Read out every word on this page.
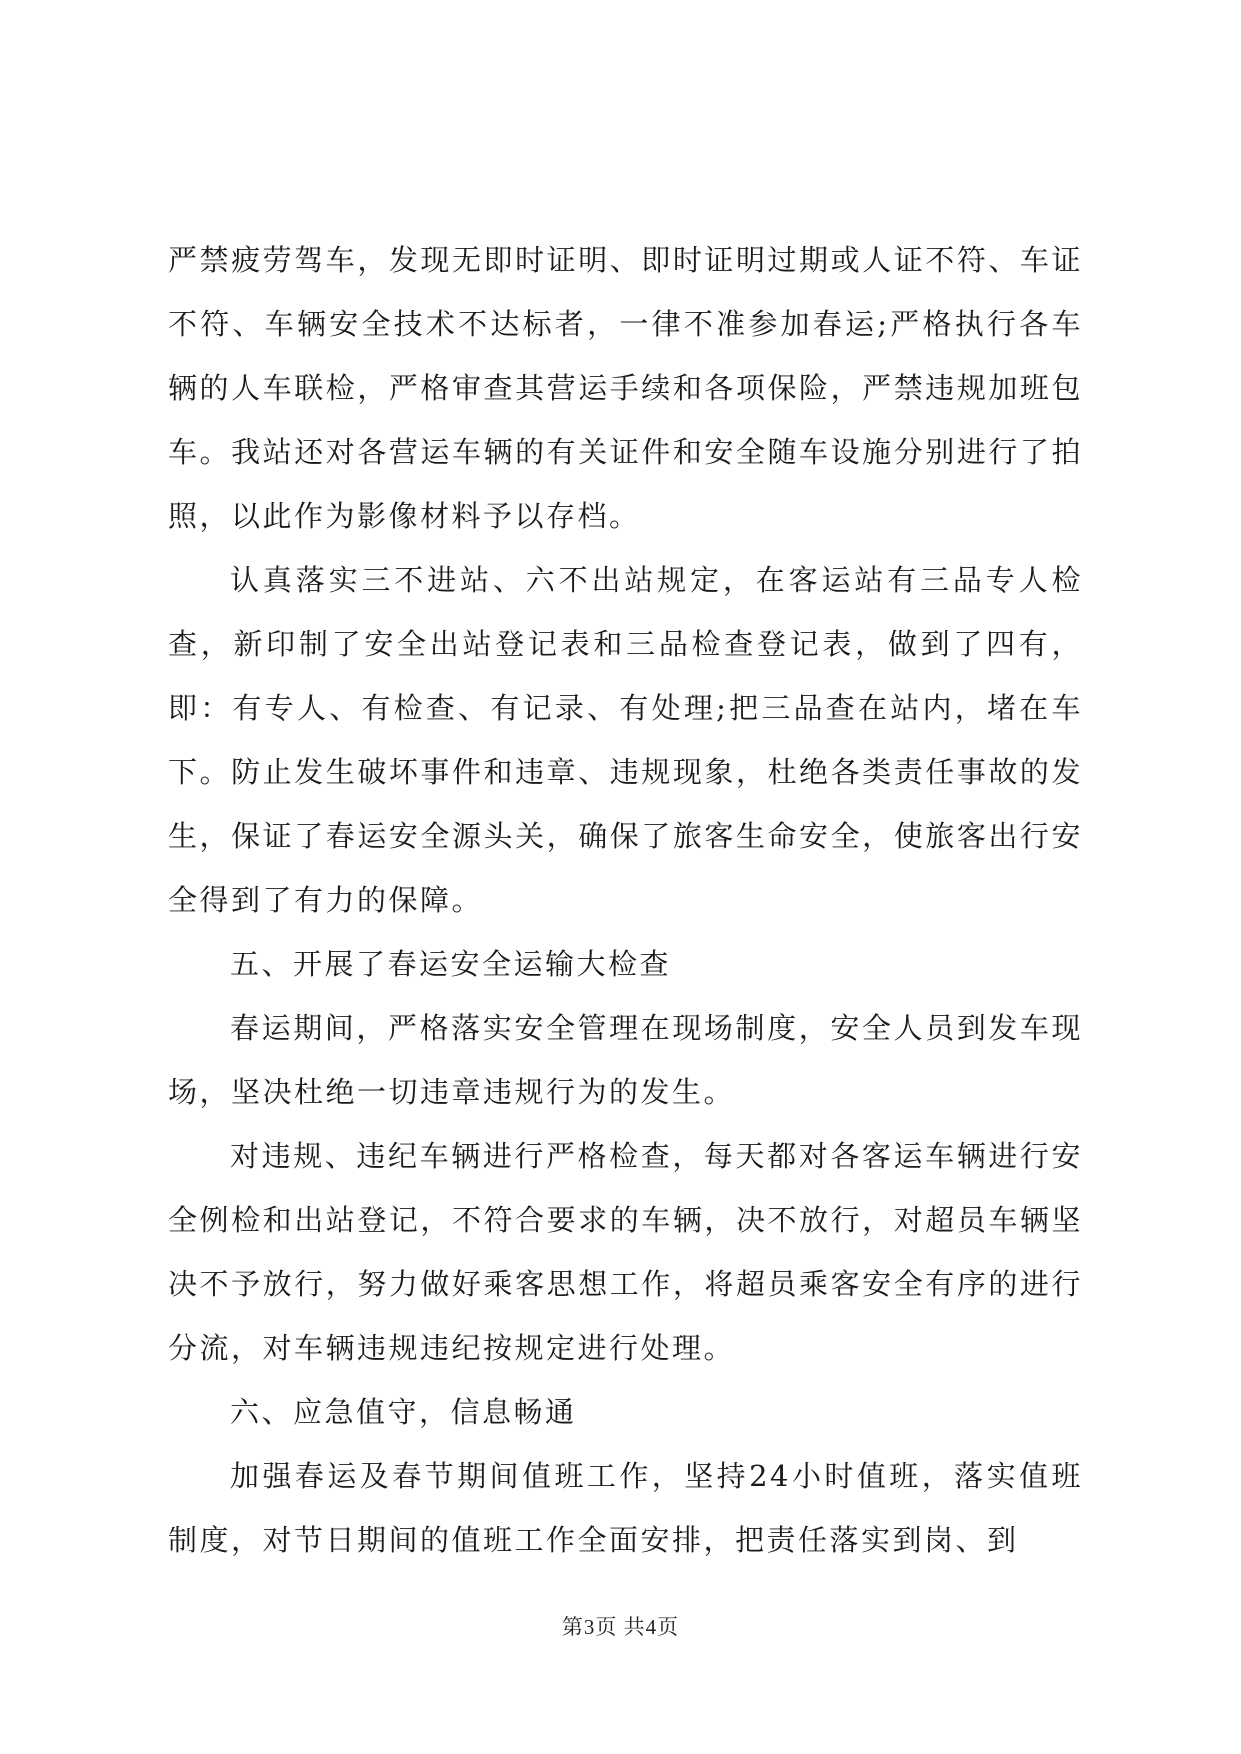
严禁疲劳驾车，发现无即时证明、即时证明过期或人证不符、车证不符、车辆安全技术不达标者，一律不准参加春运;严格执行各车辆的人车联检，严格审查其营运手续和各项保险，严禁违规加班包车。我站还对各营运车辆的有关证件和安全随车设施分别进行了拍照，以此作为影像材料予以存档。

认真落实三不进站、六不出站规定，在客运站有三品专人检查，新印制了安全出站登记表和三品检查登记表，做到了四有，即：有专人、有检查、有记录、有处理;把三品查在站内，堵在车下。防止发生破坏事件和违章、违规现象，杜绝各类责任事故的发生，保证了春运安全源头关，确保了旅客生命安全，使旅客出行安全得到了有力的保障。

五、开展了春运安全运输大检查

春运期间，严格落实安全管理在现场制度，安全人员到发车现场，坚决杜绝一切违章违规行为的发生。

对违规、违纪车辆进行严格检查，每天都对各客运车辆进行安全例检和出站登记，不符合要求的车辆，决不放行，对超员车辆坚决不予放行，努力做好乘客思想工作，将超员乘客安全有序的进行分流，对车辆违规违纪按规定进行处理。

六、应急值守，信息畅通

加强春运及春节期间值班工作，坚持24小时值班，落实值班制度，对节日期间的值班工作全面安排，把责任落实到岗、到

第3页 共4页
